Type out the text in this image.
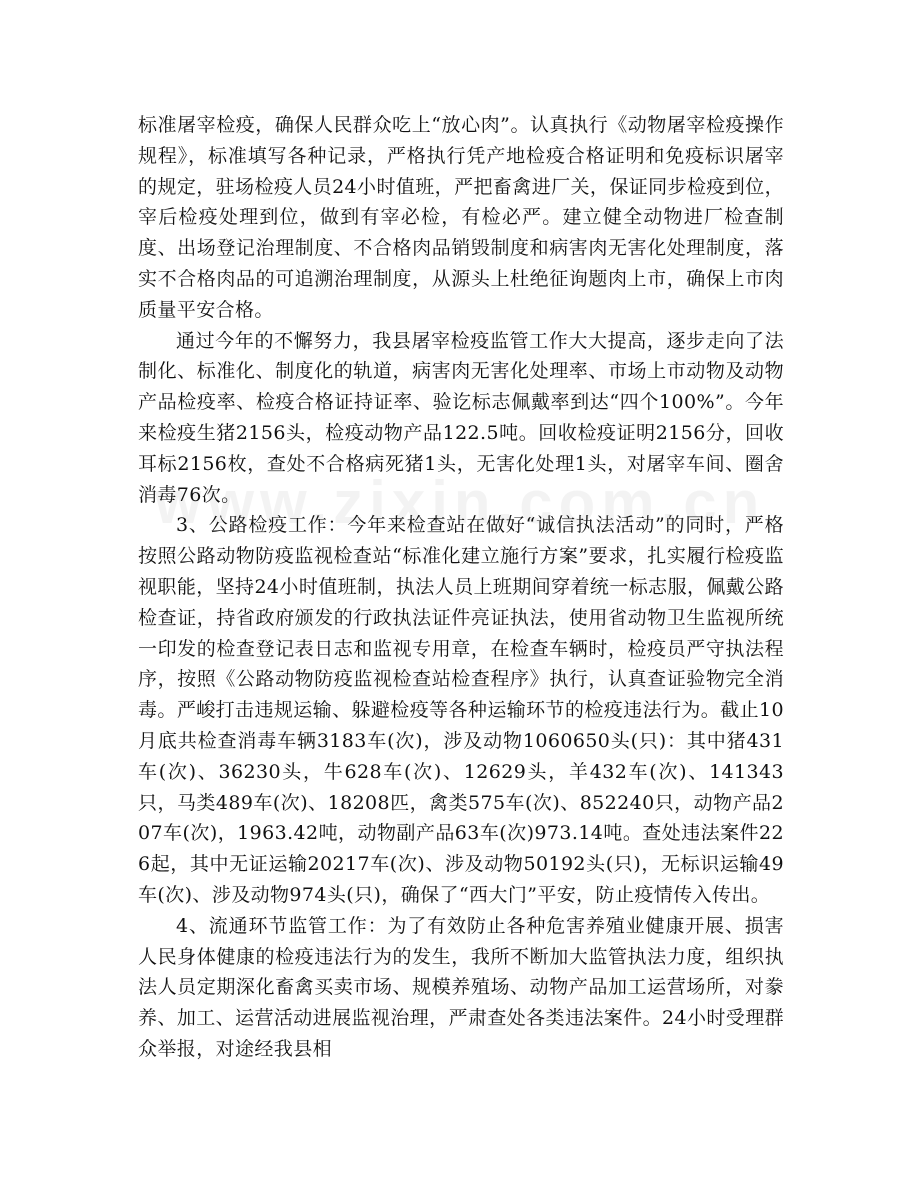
标准屠宰检疫，确保人民群众吃上“放心肉”。认真执行《动物屠宰检疫操作规程》，标准填写各种记录，严格执行凭产地检疫合格证明和免疫标识屠宰的规定，驻场检疫人员24小时值班，严把畜禽进厂关，保证同步检疫到位，宰后检疫处理到位，做到有宰必检，有检必严。建立健全动物进厂检查制度、出场登记治理制度、不合格肉品销毁制度和病害肉无害化处理制度，落实不合格肉品的可追溯治理制度，从源头上杜绝征询题肉上市，确保上市肉质量平安合格。

通过今年的不懈努力，我县屠宰检疫监管工作大大提高，逐步走向了法制化、标准化、制度化的轨道，病害肉无害化处理率、市场上市动物及动物产品检疫率、检疫合格证持证率、验讫标志佩戴率到达“四个100%”。今年来检疫生猪2156头，检疫动物产品122.5吨。回收检疫证明2156分，回收耳标2156枚，查处不合格病死猪1头，无害化处理1头，对屠宰车间、圈舍消毒76次。

3、公路检疫工作：今年来检查站在做好“诚信执法活动”的同时，严格按照公路动物防疫监视检查站“标准化建立施行方案”要求，扎实履行检疫监视职能，坚持24小时值班制，执法人员上班期间穿着统一标志服，佩戴公路检查证，持省政府颁发的行政执法证件亮证执法，使用省动物卫生监视所统一印发的检查登记表日志和监视专用章，在检查车辆时，检疫员严守执法程序，按照《公路动物防疫监视检查站检查程序》执行，认真查证验物完全消毒。严峻打击违规运输、躲避检疫等各种运输环节的检疫违法行为。截止10月底共检查消毒车辆3183车(次)，涉及动物1060650头(只)：其中猪431车(次)、36230头，牛628车(次)、12629头，羊432车(次)、141343只，马类489车(次)、18208匹，禽类575车(次)、852240只，动物产品207车(次)，1963.42吨，动物副产品63车(次)973.14吨。查处违法案件226起，其中无证运输20217车(次)、涉及动物50192头(只)，无标识运输49车(次)、涉及动物974头(只)，确保了“西大门”平安，防止疫情传入传出。

4、流通环节监管工作：为了有效防止各种危害养殖业健康开展、损害人民身体健康的检疫违法行为的发生，我所不断加大监管执法力度，组织执法人员定期深化畜禽买卖市场、规模养殖场、动物产品加工运营场所，对豢养、加工、运营活动进展监视治理，严肃查处各类违法案件。24小时受理群众举报，对途经我县相
